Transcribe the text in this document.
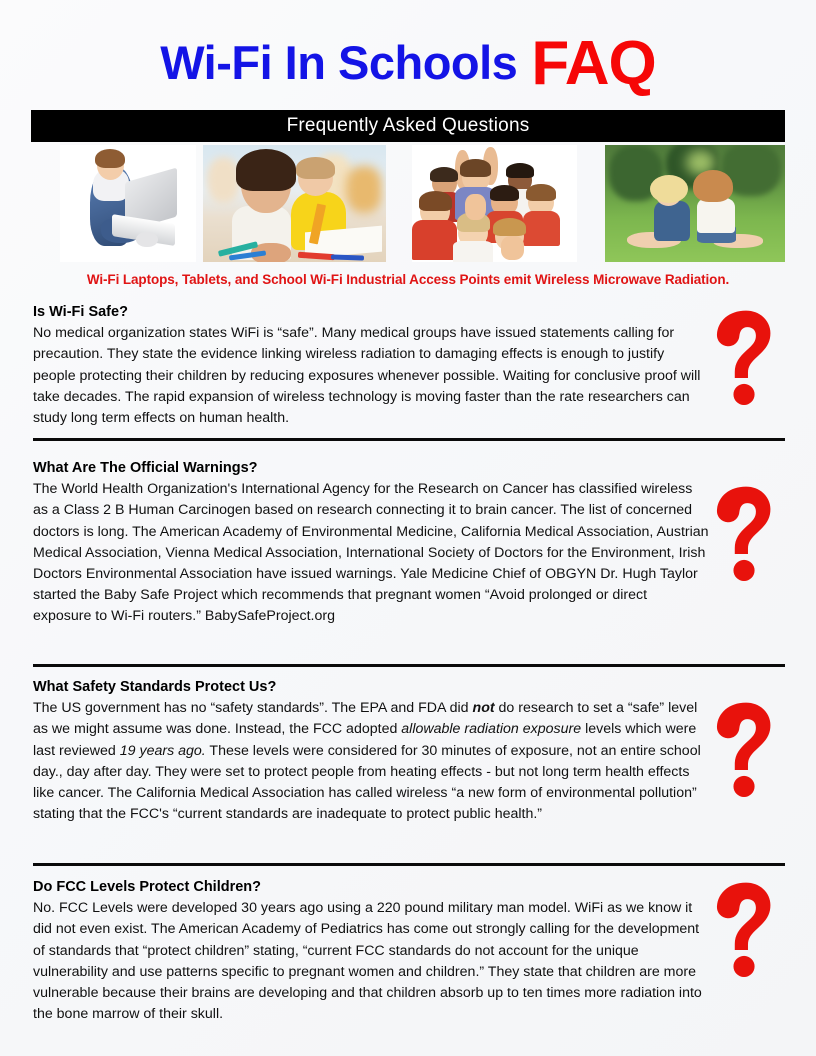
Wi-Fi In Schools FAQ
Frequently Asked Questions
Wi-Fi Laptops, Tablets, and School Wi-Fi Industrial Access Points emit Wireless Microwave Radiation.

Is Wi-Fi Safe?

No medical organization states WiFi is “safe”. Many medical groups have issued statements calling for precaution. They state the evidence linking wireless radiation to damaging effects is enough to justify people protecting their children by reducing exposures whenever possible. Waiting for conclusive proof will take decades. The rapid expansion of wireless technology is moving faster than the rate researchers can study long term effects on human health.

What Are The Official Warnings?

The World Health Organization's International Agency for the Research on Cancer has classified wireless as a Class 2 B Human Carcinogen based on research connecting it to brain cancer. The list of concerned doctors is long. The American Academy of Environmental Medicine, California Medical Association, Austrian Medical Association, Vienna Medical Association, International Society of Doctors for the Environment, Irish Doctors Environmental Association have issued warnings. Yale Medicine Chief of OBGYN Dr. Hugh Taylor started the Baby Safe Project which recommends that pregnant women “Avoid prolonged or direct exposure to Wi-Fi routers.” BabySafeProject.org

What Safety Standards Protect Us?

The US government has no “safety standards”. The EPA and FDA did not do research to set a “safe” level as we might assume was done. Instead, the FCC adopted allowable radiation exposure levels which were last reviewed 19 years ago. These levels were considered for 30 minutes of exposure, not an entire school day., day after day. They were set to protect people from heating effects - but not long term health effects like cancer. The California Medical Association has called wireless “a new form of environmental pollution” stating that the FCC's “current standards are inadequate to protect public health.”

Do FCC Levels Protect Children?

No. FCC Levels were developed 30 years ago using a 220 pound military man model. WiFi as we know it did not even exist. The American Academy of Pediatrics has come out strongly calling for the development of standards that “protect children” stating, “current FCC standards do not account for the unique vulnerability and use patterns specific to pregnant women and children.” They state that children are more vulnerable because their brains are developing and that children absorb up to ten times more radiation into the bone marrow of their skull.
